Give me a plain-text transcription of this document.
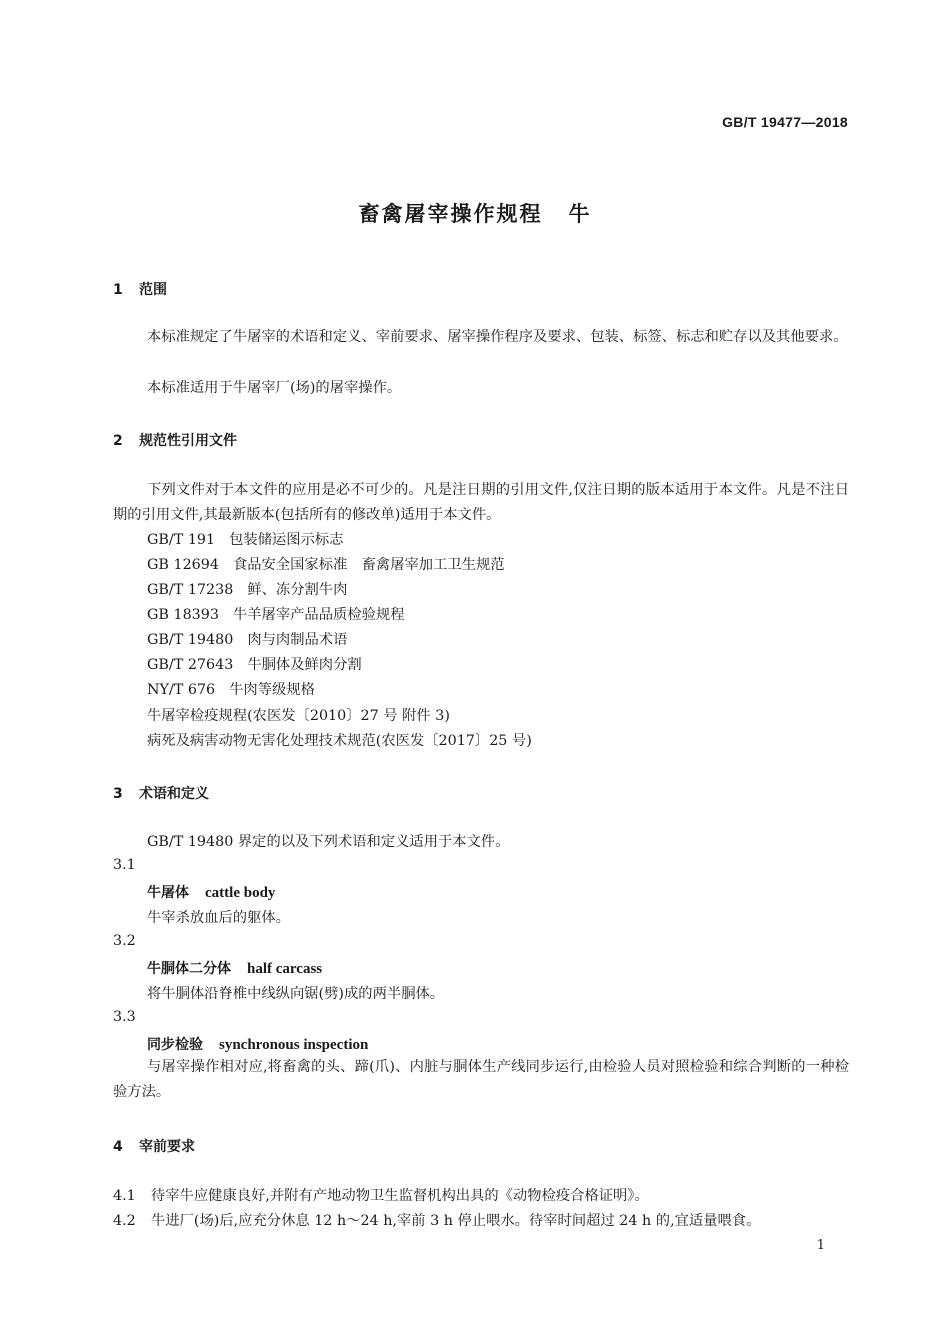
GB/T 19477—2018
畜禽屠宰操作规程 牛
1 范围
本标准规定了牛屠宰的术语和定义、宰前要求、屠宰操作程序及要求、包装、标签、标志和贮存以及其他要求。
本标准适用于牛屠宰厂(场)的屠宰操作。
2 规范性引用文件
下列文件对于本文件的应用是必不可少的。凡是注日期的引用文件,仅注日期的版本适用于本文件。凡是不注日期的引用文件,其最新版本(包括所有的修改单)适用于本文件。
GB/T 191 包装储运图示标志
GB 12694 食品安全国家标准　畜禽屠宰加工卫生规范
GB/T 17238 鲜、冻分割牛肉
GB 18393 牛羊屠宰产品品质检验规程
GB/T 19480 肉与肉制品术语
GB/T 27643 牛胴体及鲜肉分割
NY/T 676 牛肉等级规格
牛屠宰检疫规程(农医发〔2010〕27 号 附件 3)
病死及病害动物无害化处理技术规范(农医发〔2017〕25 号)
3 术语和定义
GB/T 19480 界定的以及下列术语和定义适用于本文件。
3.1
牛屠体 cattle body
牛宰杀放血后的躯体。
3.2
牛胴体二分体 half carcass
将牛胴体沿脊椎中线纵向锯(劈)成的两半胴体。
3.3
同步检验 synchronous inspection
与屠宰操作相对应,将畜禽的头、蹄(爪)、内脏与胴体生产线同步运行,由检验人员对照检验和综合判断的一种检验方法。
4 宰前要求
4.1 待宰牛应健康良好,并附有产地动物卫生监督机构出具的《动物检疫合格证明》。
4.2 牛进厂(场)后,应充分休息 12 h～24 h,宰前 3 h 停止喂水。待宰时间超过 24 h 的,宜适量喂食。
1
